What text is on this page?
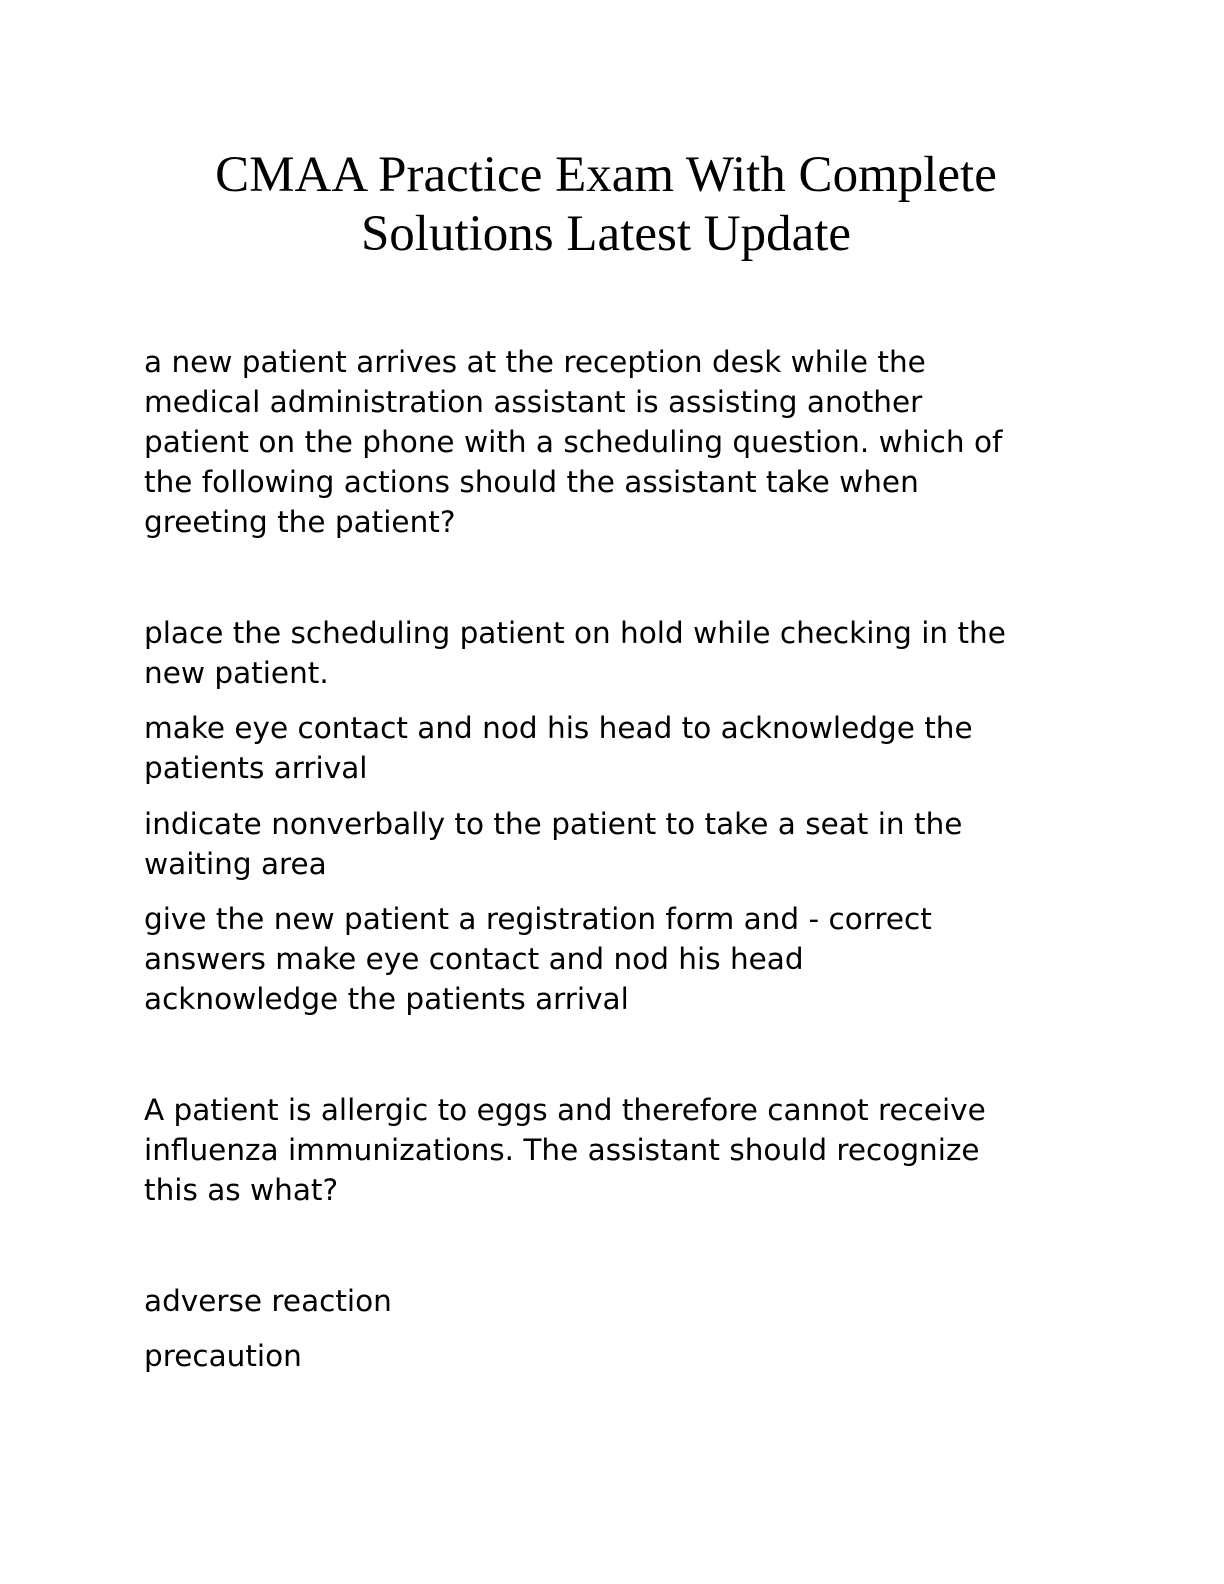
CMAA Practice Exam With Complete
Solutions Latest Update

a new patient arrives at the reception desk while the
medical administration assistant is assisting another
patient on the phone with a scheduling question. which of
the following actions should the assistant take when
greeting the patient?

place the scheduling patient on hold while checking in the
new patient.

make eye contact and nod his head to acknowledge the
patients arrival

indicate nonverbally to the patient to take a seat in the
waiting area

give the new patient a registration form and - correct
answers make eye contact and nod his head
acknowledge the patients arrival

A patient is allergic to eggs and therefore cannot receive
influenza immunizations. The assistant should recognize
this as what?

adverse reaction

precaution
